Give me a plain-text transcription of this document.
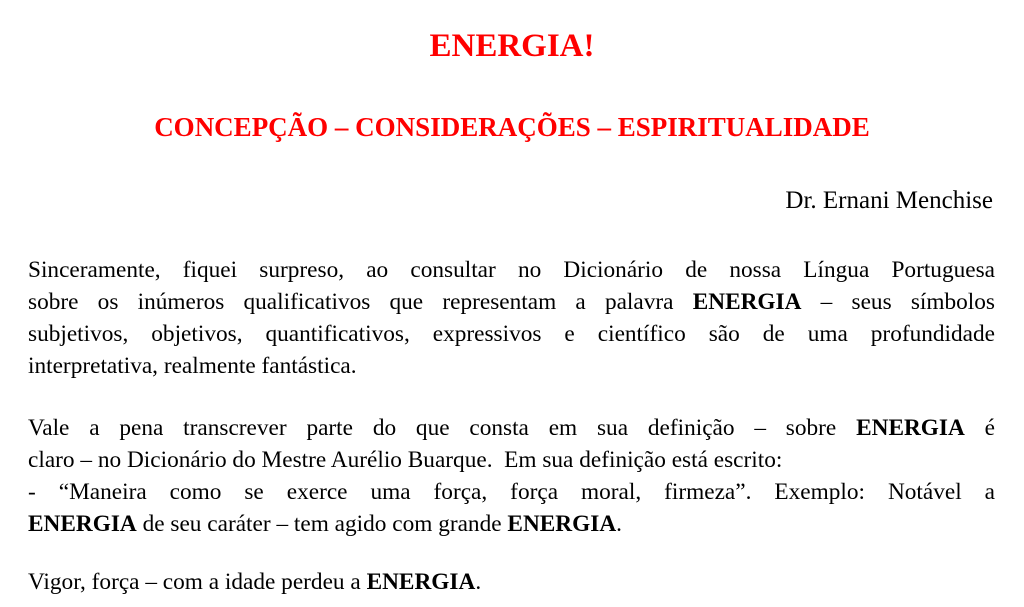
ENERGIA!
CONCEPÇÃO – CONSIDERAÇÕES – ESPIRITUALIDADE

Dr. Ernani Menchise

Sinceramente, fiquei surpreso, ao consultar no Dicionário de nossa Língua Portuguesa
sobre os inúmeros qualificativos que representam a palavra ENERGIA – seus símbolos
subjetivos, objetivos, quantificativos, expressivos e científico são de uma profundidade
interpretativa, realmente fantástica.
Vale a pena transcrever parte do que consta em sua definição – sobre ENERGIA é
claro – no Dicionário do Mestre Aurélio Buarque.  Em sua definição está escrito:
- “Maneira como se exerce uma força, força moral, firmeza”. Exemplo: Notável a
ENERGIA de seu caráter – tem agido com grande ENERGIA.
Vigor, força – com a idade perdeu a ENERGIA.
